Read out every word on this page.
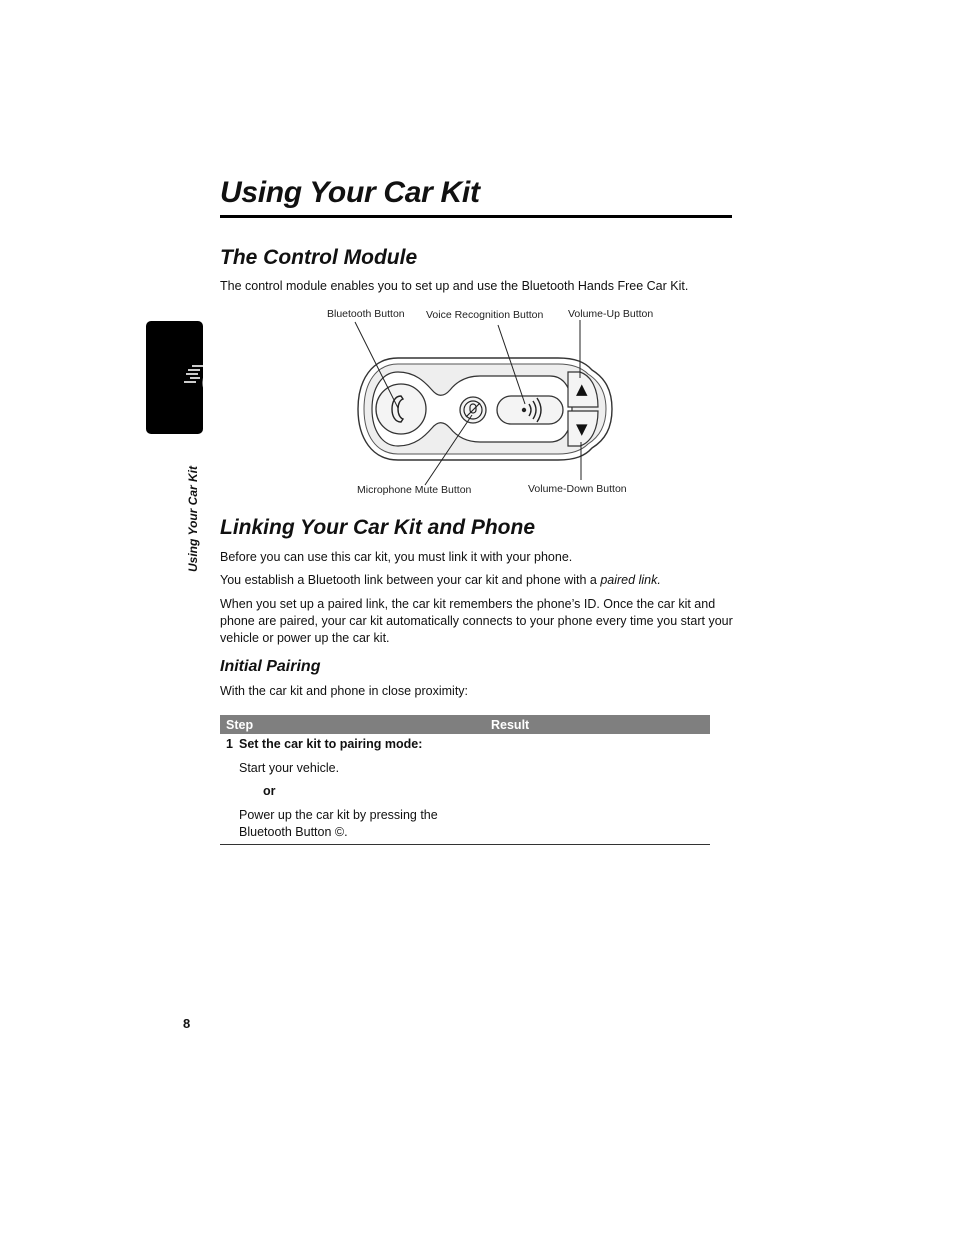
Using Your Car Kit
Using Your Car Kit
The Control Module

The control module enables you to set up and use the Bluetooth Hands Free Car Kit.

▲
▼
Bluetooth Button Voice Recognition Button Volume-Up Button
Microphone Mute Button	Volume-Down Button
Linking Your Car Kit and Phone

Before you can use this car kit, you must link it with your phone.

You establish a Bluetooth link between your car kit and phone with a paired link.

When you set up a paired link, the car kit remembers the phone’s ID. Once the car kit and phone are paired, your car kit automatically connects to your phone every time you start your vehicle or power up the car kit.

Initial Pairing

With the car kit and phone in close proximity:

Step	Result

1 Set the car kit to pairing mode:
Start your vehicle.
or
Power up the car kit by pressing the
Bluetooth Button ©.	

8
